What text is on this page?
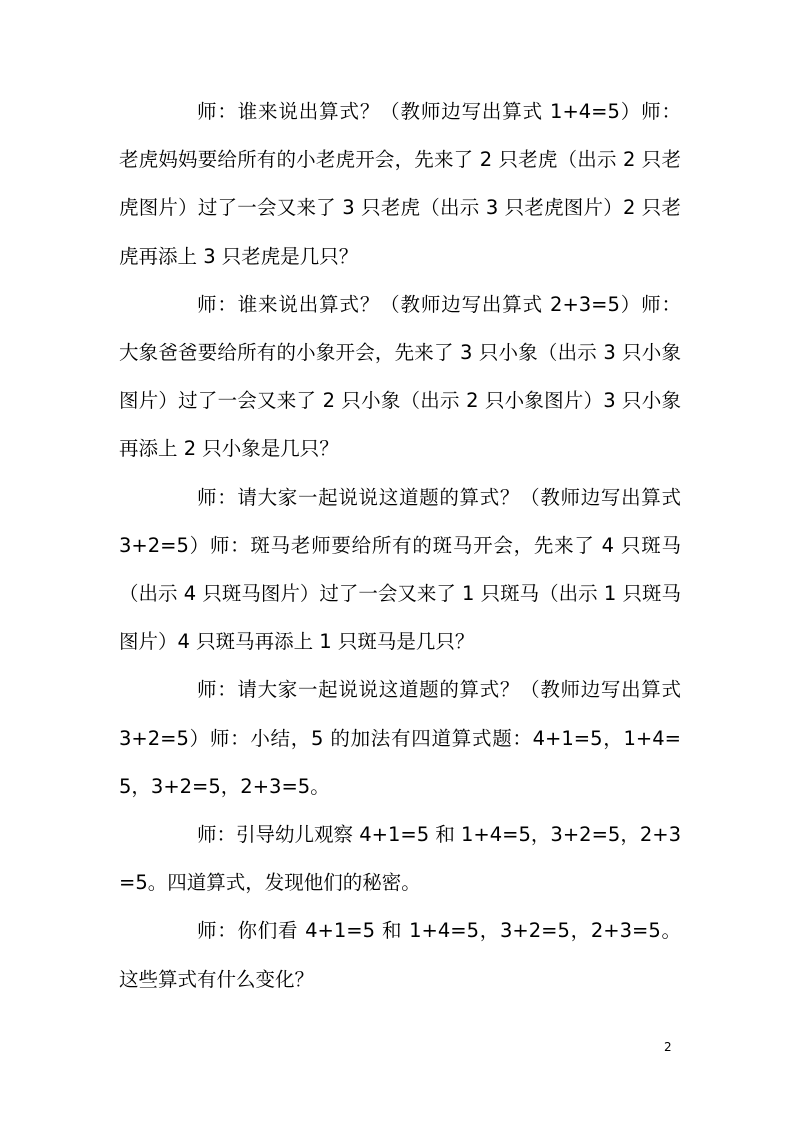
师：谁来说出算式？（教师边写出算式 1+4=5）师：老虎妈妈要给所有的小老虎开会，先来了 2 只老虎（出示 2 只老虎图片）过了一会又来了 3 只老虎（出示 3 只老虎图片）2 只老虎再添上 3 只老虎是几只？

师：谁来说出算式？（教师边写出算式 2+3=5）师：大象爸爸要给所有的小象开会，先来了 3 只小象（出示 3 只小象图片）过了一会又来了 2 只小象（出示 2 只小象图片）3 只小象再添上 2 只小象是几只？

师：请大家一起说说这道题的算式？（教师边写出算式 3+2=5）师：斑马老师要给所有的斑马开会，先来了 4 只斑马（出示 4 只斑马图片）过了一会又来了 1 只斑马（出示 1 只斑马图片）4 只斑马再添上 1 只斑马是几只？

师：请大家一起说说这道题的算式？（教师边写出算式 3+2=5）师：小结，5 的加法有四道算式题：4+1=5，1+4=5，3+2=5，2+3=5。

师：引导幼儿观察 4+1=5 和 1+4=5，3+2=5，2+3=5。四道算式，发现他们的秘密。

师：你们看 4+1=5 和 1+4=5，3+2=5，2+3=5。这些算式有什么变化？

2
